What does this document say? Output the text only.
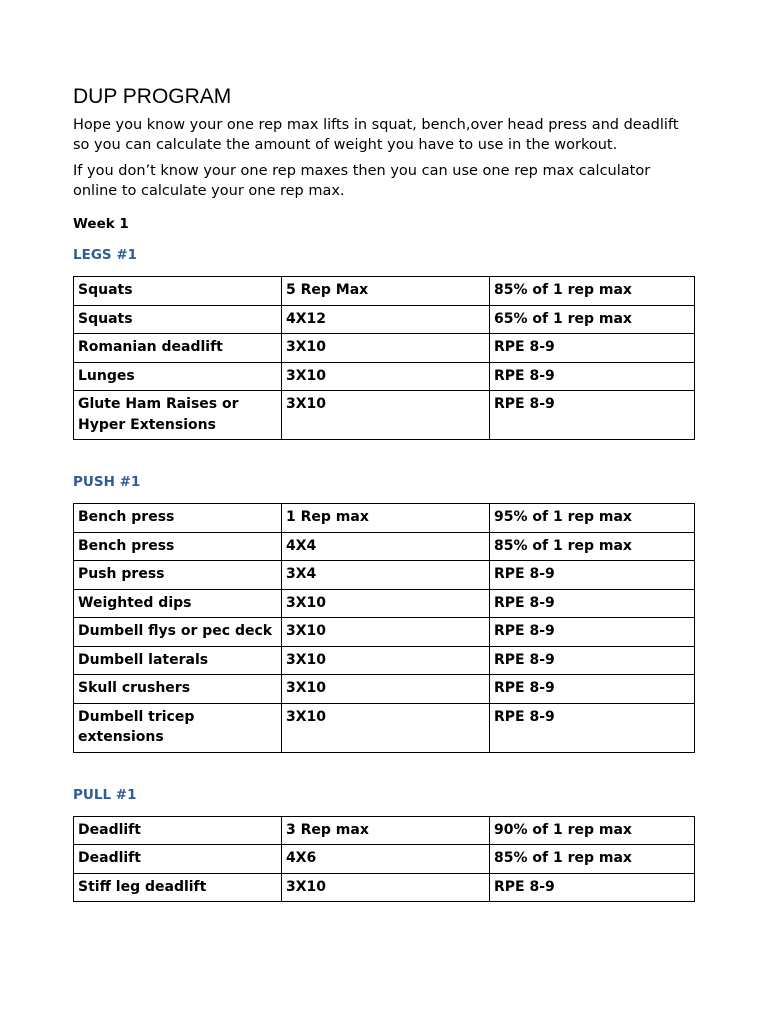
DUP PROGRAM

Hope you know your one rep max lifts in squat, bench,over head press and deadlift so you can calculate the amount of weight you have to use in the workout.

If you don’t know your one rep maxes then you can use one rep max calculator online to calculate your one rep max.

Week 1

LEGS #1

Squats	5 Rep Max	85% of 1 rep max
Squats	4X12	65% of 1 rep max
Romanian deadlift	3X10	RPE 8-9
Lunges	3X10	RPE 8-9
Glute Ham Raises or Hyper Extensions	3X10	RPE 8-9

PUSH #1

Bench press	1 Rep max	95% of 1 rep max
Bench press	4X4	85% of 1 rep max
Push press	3X4	RPE 8-9
Weighted dips	3X10	RPE 8-9
Dumbell flys or pec deck	3X10	RPE 8-9
Dumbell laterals	3X10	RPE 8-9
Skull crushers	3X10	RPE 8-9
Dumbell tricep extensions	3X10	RPE 8-9

PULL #1

Deadlift	3 Rep max	90% of 1 rep max
Deadlift	4X6	85% of 1 rep max
Stiff leg deadlift	3X10	RPE 8-9
